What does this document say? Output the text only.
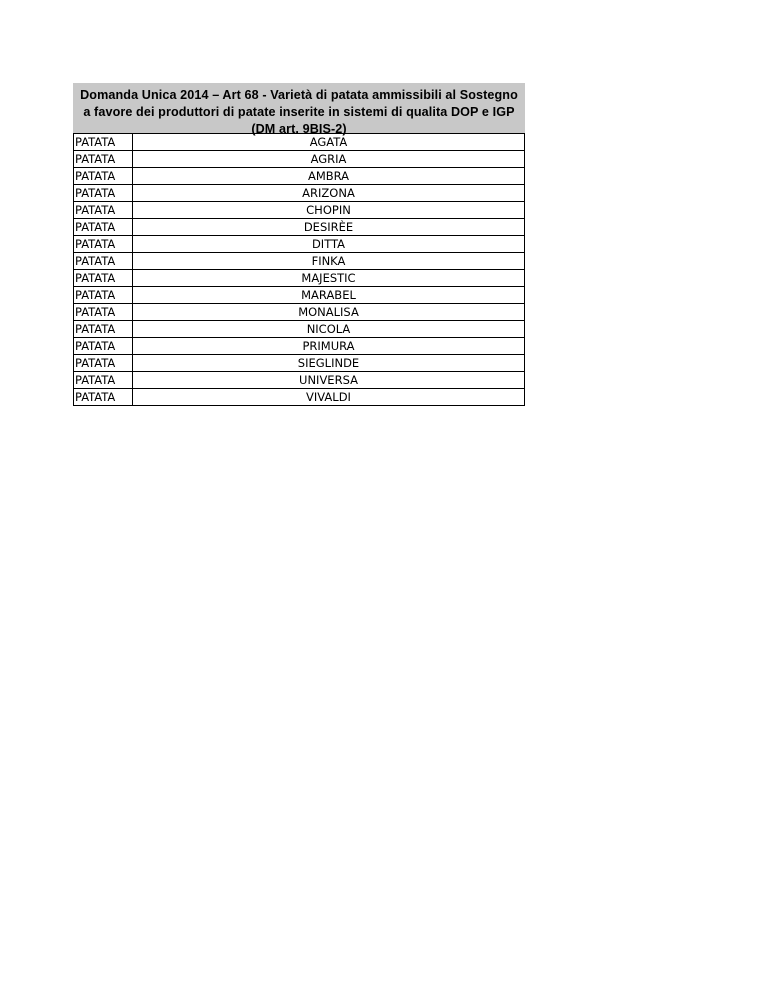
Domanda Unica 2014 – Art 68 - Varietà di patata ammissibili al Sostegno
a favore dei produttori di patate inserite in sistemi di qualita DOP e IGP
(DM art. 9BIS-2)
PATATA	AGATA
PATATA	AGRIA
PATATA	AMBRA
PATATA	ARIZONA
PATATA	CHOPIN
PATATA	DESIRÈE
PATATA	DITTA
PATATA	FINKA
PATATA	MAJESTIC
PATATA	MARABEL
PATATA	MONALISA
PATATA	NICOLA
PATATA	PRIMURA
PATATA	SIEGLINDE
PATATA	UNIVERSA
PATATA	VIVALDI
